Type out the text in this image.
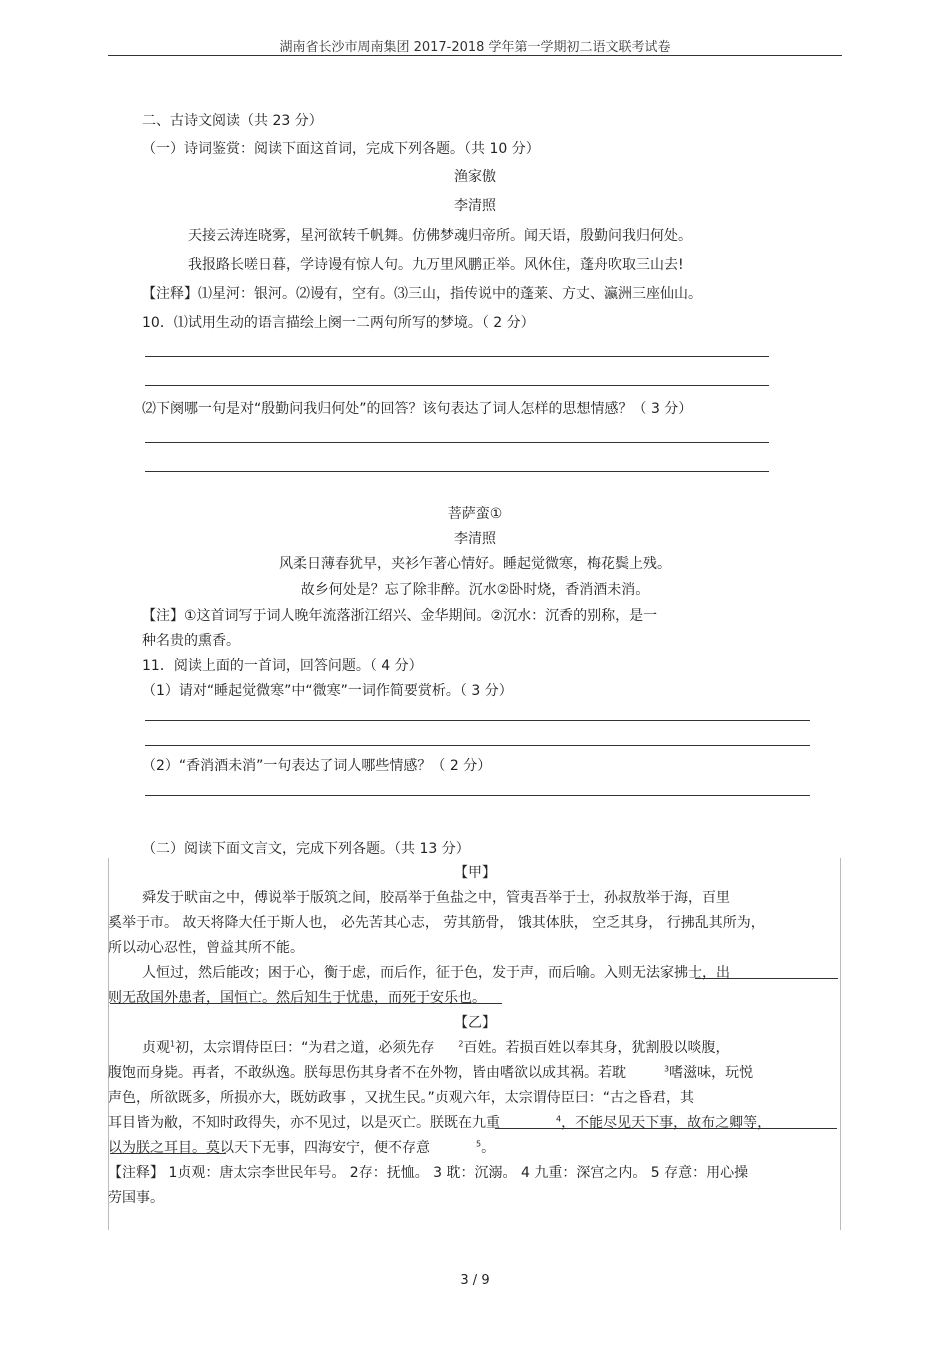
湖南省长沙市周南集团 2017-2018 学年第一学期初二语文联考试卷
二、古诗文阅读（共 23 分）
（一）诗词鉴赏：阅读下面这首词，完成下列各题。（共 10 分）
渔家傲
李清照
天接云涛连晓雾，星河欲转千帆舞。仿佛梦魂归帝所。闻天语，殷勤问我归何处。
我报路长嗟日暮，学诗谩有惊人句。九万里风鹏正举。风休住，蓬舟吹取三山去!
【注释】⑴星河：银河。⑵谩有，空有。⑶三山，指传说中的蓬莱、方丈、瀛洲三座仙山。
10．⑴试用生动的语言描绘上阕一二两句所写的梦境。（ 2 分）
⑵下阕哪一句是对“殷勤问我归何处”的回答？该句表达了词人怎样的思想情感？（ 3 分）
菩萨蛮①
李清照
风柔日薄春犹早，夹衫乍著心情好。睡起觉微寒，梅花鬓上残。
故乡何处是？忘了除非醉。沉水②卧时烧，香消酒未消。
【注】①这首词写于词人晚年流落浙江绍兴、金华期间。②沉水：沉香的别称，是一
种名贵的熏香。
11．阅读上面的一首词，回答问题。（ 4 分）
（1）请对“睡起觉微寒”中“微寒”一词作简要赏析。（ 3 分）
（2）“香消酒未消”一句表达了词人哪些情感？（ 2 分）
（二）阅读下面文言文，完成下列各题。（共 13 分）
【甲】
舜发于畎亩之中，傅说举于版筑之间，胶鬲举于鱼盐之中，管夷吾举于士，孙叔敖举于海，百里
奚举于市。 故天将降大任于斯人也， 必先苦其心志， 劳其筋骨， 饿其体肤， 空乏其身， 行拂乱其所为，
所以动心忍性，曾益其所不能。
人恒过，然后能改；困于心，衡于虑，而后作，征于色，发于声，而后喻。入则无法家拂士，出
则无敌国外患者，国恒亡。然后知生于忧患，而死于安乐也。
【乙】
贞观$^1$初，太宗谓侍臣曰：“为君之道，必须先存	$^2$百姓。若损百姓以奉其身，犹割股以啖腹，
腹饱而身毙。再者，不敢纵逸。朕每思伤其身者不在外物，皆由嗜欲以成其祸。若耽	$^3$嗜滋味，玩悦
声色，所欲既多，所损亦大，既妨政事 ，又扰生民。”贞观六年，太宗谓侍臣曰：“古之昏君，其
耳目皆为敝，不知时政得失，亦不见过，以是灭亡。朕既在九重	$^4$，不能尽见天下事，故布之卿等，
以为朕之耳目。莫以天下无事，四海安宁，便不存意	$^5$。
【注释】 1贞观：唐太宗李世民年号。 2存：抚恤。 3 耽：沉溺。 4 九重：深宫之内。 5 存意：用心操
劳国事。
3 / 9
